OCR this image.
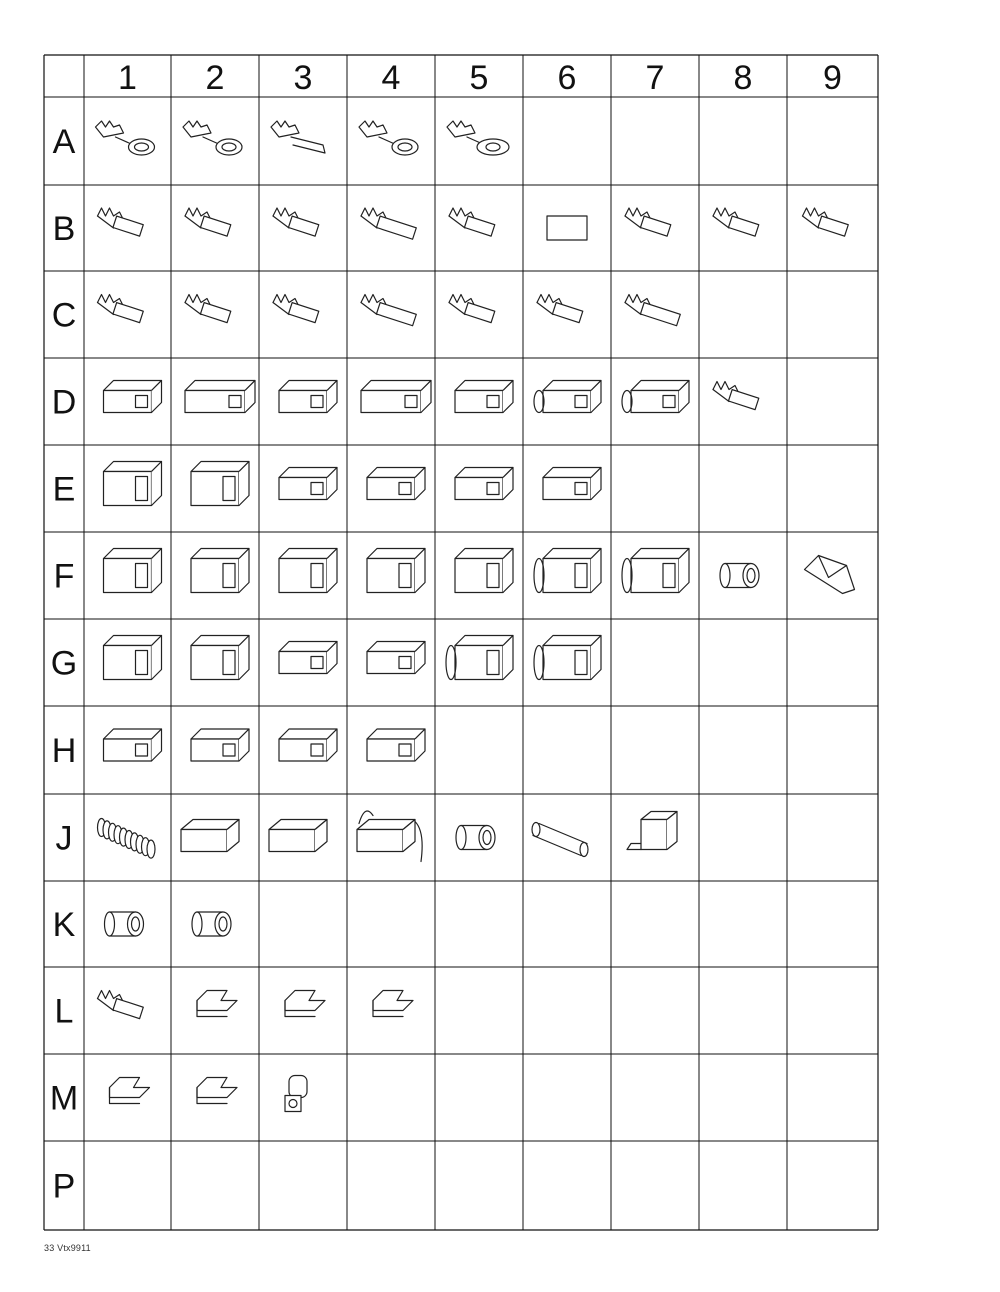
1 2 3 4 5 6 7 8 9
A
B
C
D
E
F
G
H
J
K
L
M
P
33 Vtx9911
